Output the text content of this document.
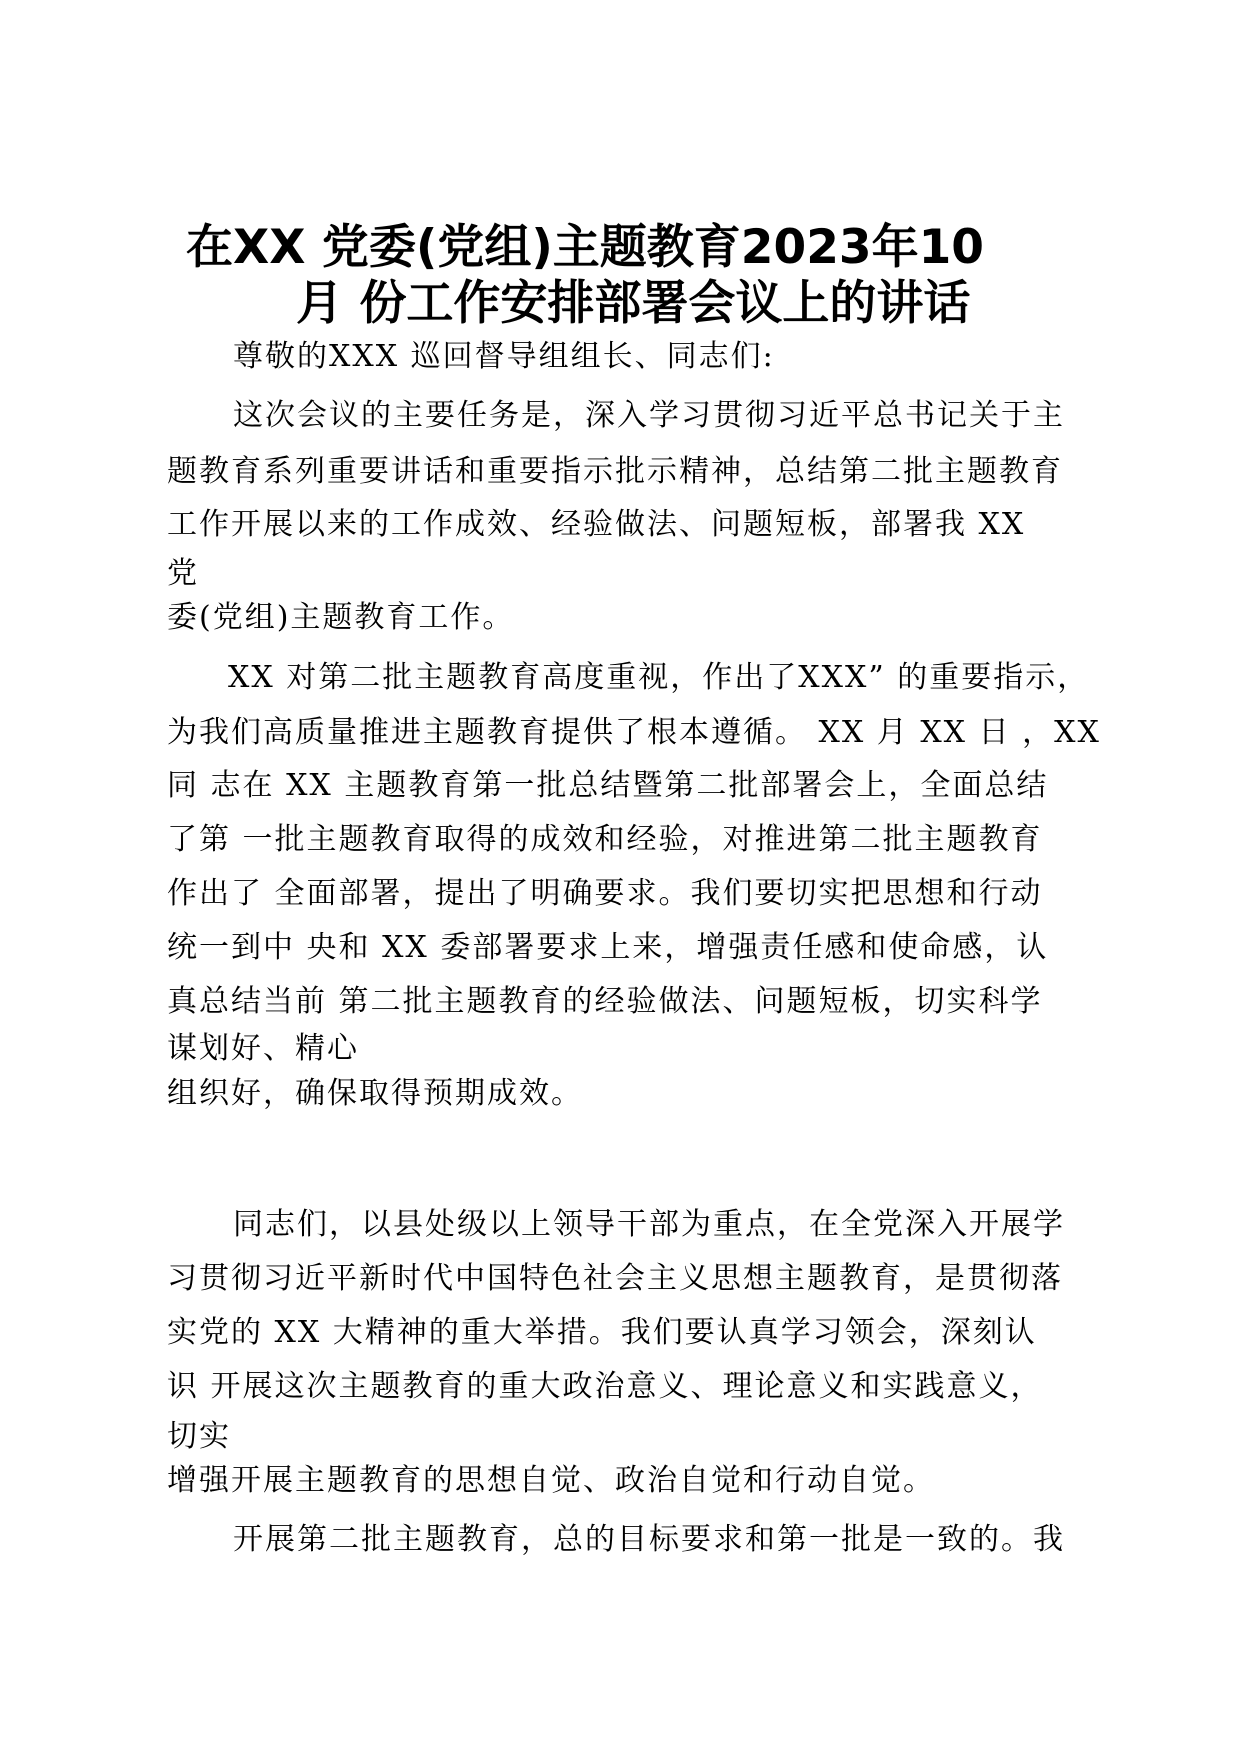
在XX 党委(党组)主题教育2023年10
月 份工作安排部署会议上的讲话

尊敬的XXX 巡回督导组组长、同志们:

这次会议的主要任务是，深入学习贯彻习近平总书记关于主

题教育系列重要讲话和重要指示批示精神，总结第二批主题教育

工作开展以来的工作成效、经验做法、问题短板，部署我 XX

党

委(党组)主题教育工作。

XX 对第二批主题教育高度重视，作出了XXX” 的重要指示，

为我们高质量推进主题教育提供了根本遵循。 XX 月 XX 日 ，XX

同 志在 XX 主题教育第一批总结暨第二批部署会上，全面总结

了第 一批主题教育取得的成效和经验，对推进第二批主题教育

作出了 全面部署，提出了明确要求。我们要切实把思想和行动

统一到中 央和 XX 委部署要求上来，增强责任感和使命感，认

真总结当前 第二批主题教育的经验做法、问题短板，切实科学

谋划好、精心

组织好，确保取得预期成效。

同志们，以县处级以上领导干部为重点，在全党深入开展学

习贯彻习近平新时代中国特色社会主义思想主题教育，是贯彻落

实党的 XX 大精神的重大举措。我们要认真学习领会，深刻认

识 开展这次主题教育的重大政治意义、理论意义和实践意义，

切实

增强开展主题教育的思想自觉、政治自觉和行动自觉。

开展第二批主题教育，总的目标要求和第一批是一致的。我
